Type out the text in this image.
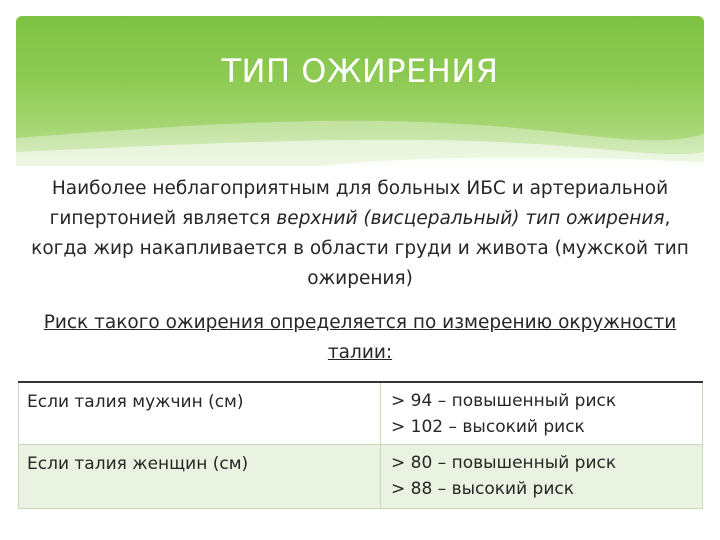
ТИП ОЖИРЕНИЯ
Наиболее неблагоприятным для больных ИБС и артериальной гипертонией является верхний (висцеральный) тип ожирения, когда жир накапливается в области груди и живота (мужской тип ожирения)
Риск такого ожирения определяется по измерению окружности талии:
Если талия мужчин (см)	> 94 – повышенный риск
> 102 – высокий риск

Если талия женщин (см)	> 80 – повышенный риск
> 88 – высокий риск
